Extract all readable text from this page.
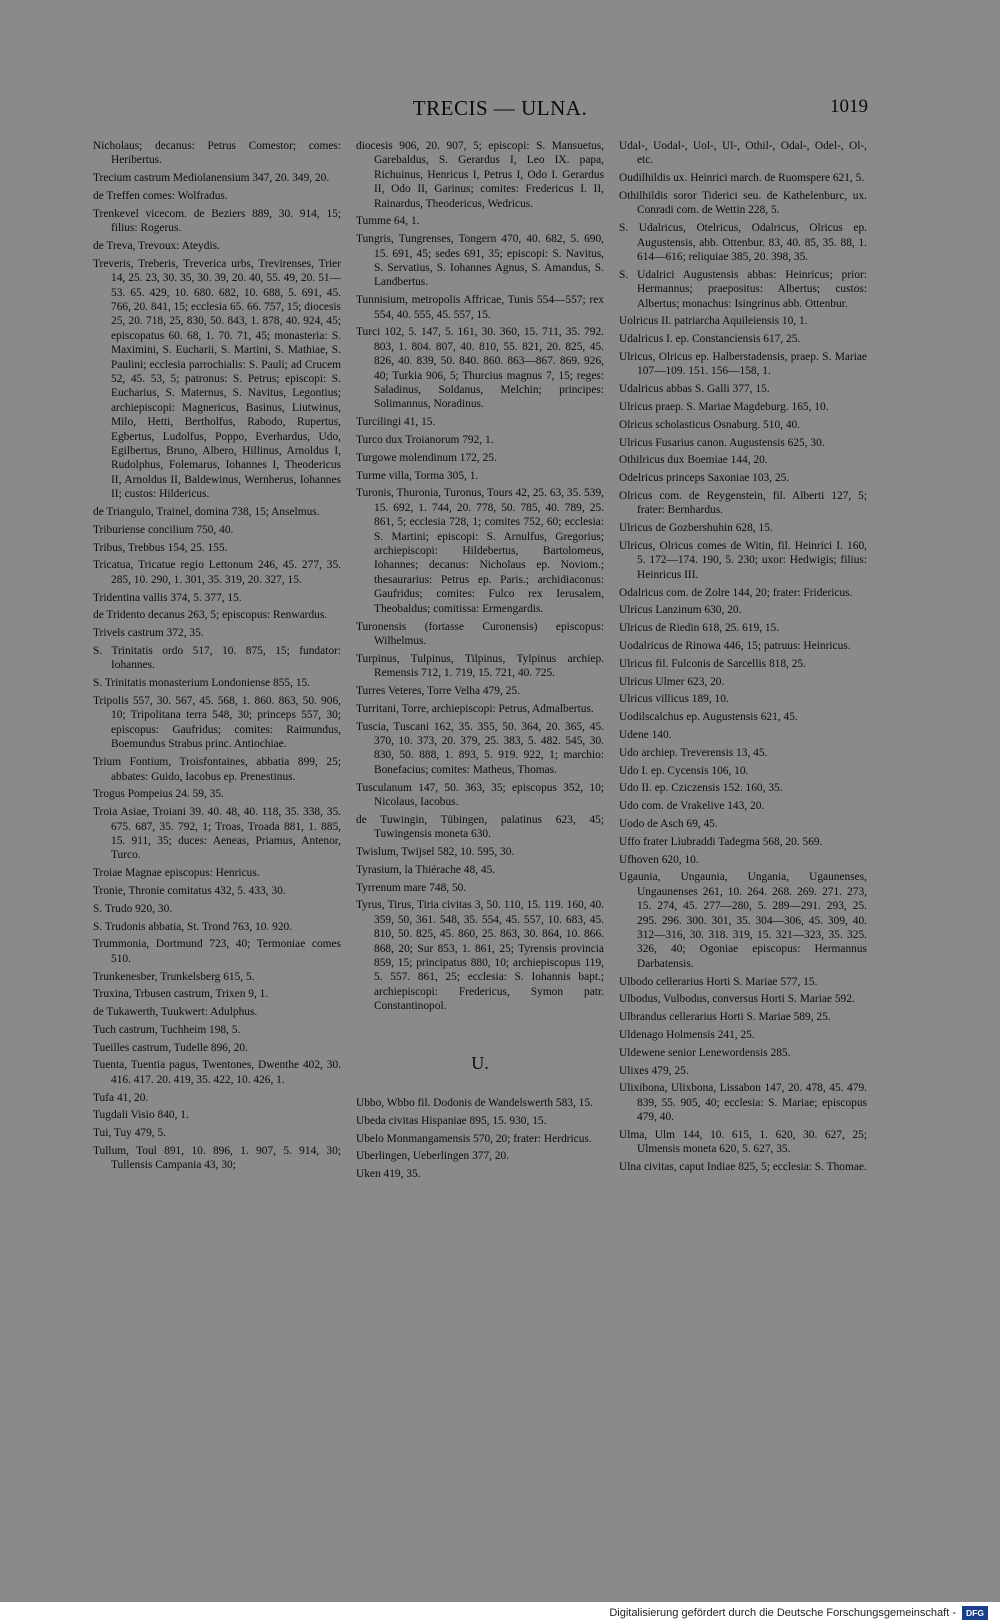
TRECIS — ULNA.	1019

Nicholaus; decanus: Petrus Comestor; comes: Heribertus.

Trecium castrum Mediolanensium 347, 20. 349, 20.

de Treffen comes: Wolfradus.

Trenkevel vicecom. de Beziers 889, 30. 914, 15; filius: Rogerus.

de Treva, Trevoux: Ateydis.

Treveris, Treberis, Treverica urbs, Trevirenses, Trier 14, 25. 23, 30. 35, 30. 39, 20. 40, 55. 49, 20. 51—53. 65. 429, 10. 680. 682, 10. 688, 5. 691, 45. 766, 20. 841, 15; ecclesia 65. 66. 757, 15; diocesis 25, 20. 718, 25, 830, 50. 843, 1. 878, 40. 924, 45; episcopatus 60. 68, 1. 70. 71, 45; monasteria: S. Maximini, S. Eucharii, S. Martini, S. Mathiae, S. Paulini; ecclesia parrochialis: S. Pauli; ad Crucem 52, 45. 53, 5; patronus: S. Petrus; episcopi: S. Eucharius, S. Maternus, S. Navitus, Legontius; archiepiscopi: Magnericus, Basinus, Liutwinus, Milo, Hetti, Bertholfus, Rabodo, Rupertus, Egbertus, Ludolfus, Poppo, Everhardus, Udo, Egilbertus, Bruno, Albero, Hillinus, Arnoldus I, Rudolphus, Folemarus, Iohannes I, Theodericus II, Arnoldus II, Baldewinus, Wernherus, Iohannes II; custos: Hildericus.

de Triangulo, Trainel, domina 738, 15; Anselmus.

Triburiense concilium 750, 40.

Tribus, Trebbus 154, 25. 155.

Tricatua, Tricatue regio Lettonum 246, 45. 277, 35. 285, 10. 290, 1. 301, 35. 319, 20. 327, 15.

Tridentina vallis 374, 5. 377, 15.

de Tridento decanus 263, 5; episcopus: Renwardus.

Trivels castrum 372, 35.

S. Trinitatis ordo 517, 10. 875, 15; fundator: Iohannes.

S. Trinitatis monasterium Londoniense 855, 15.

Tripolis 557, 30. 567, 45. 568, 1. 860. 863, 50. 906, 10; Tripolitana terra 548, 30; princeps 557, 30; episcopus: Gaufridus; comites: Raimundus, Boemundus Strabus princ. Antiochiae.

Trium Fontium, Troisfontaines, abbatia 899, 25; abbates: Guido, Iacobus ep. Prenestinus.

Trogus Pompeius 24. 59, 35.

Troia Asiae, Troiani 39. 40. 48, 40. 118, 35. 338, 35. 675. 687, 35. 792, 1; Troas, Troada 881, 1. 885, 15. 911, 35; duces: Aeneas, Priamus, Antenor, Turco.

Troiae Magnae episcopus: Henricus.

Tronie, Thronie comitatus 432, 5. 433, 30.

S. Trudo 920, 30.

S. Trudonis abbatia, St. Trond 763, 10. 920.

Trummonia, Dortmund 723, 40; Termoniae comes 510.

Trunkenesber, Trunkelsberg 615, 5.

Truxina, Trbusen castrum, Trixen 9, 1.

de Tukawerth, Tuukwert: Adulphus.

Tuch castrum, Tuchheim 198, 5.

Tueilles castrum, Tudelle 896, 20.

Tuenta, Tuentia pagus, Twentones, Dwenthe 402, 30. 416. 417. 20. 419, 35. 422, 10. 426, 1.

Tufa 41, 20.

Tugdali Visio 840, 1.

Tui, Tuy 479, 5.

Tullum, Toul 891, 10. 896, 1. 907, 5. 914, 30; Tullensis Campania 43, 30;

diocesis 906, 20. 907, 5; episcopi: S. Mansuetus, Garebaldus, S. Gerardus I, Leo IX. papa, Richuinus, Henricus I, Petrus I, Odo I. Gerardus II, Odo II, Garinus; comites: Fredericus I. II, Rainardus, Theodericus, Wedricus.

Tumme 64, 1.

Tungris, Tungrenses, Tongern 470, 40. 682, 5. 690, 15. 691, 45; sedes 691, 35; episcopi: S. Navitus, S. Servatius, S. Iohannes Agnus, S. Amandus, S. Landbertus.

Tunnisium, metropolis Affricae, Tunis 554—557; rex 554, 40. 555, 45. 557, 15.

Turci 102, 5. 147, 5. 161, 30. 360, 15. 711, 35. 792. 803, 1. 804. 807, 40. 810, 55. 821, 20. 825, 45. 826, 40. 839, 50. 840. 860. 863—867. 869. 926, 40; Turkia 906, 5; Thurcius magnus 7, 15; reges: Saladinus, Soldanus, Melchin; principes: Solimannus, Noradinus.

Turcilingi 41, 15.

Turco dux Troianorum 792, 1.

Turgowe molendinum 172, 25.

Turme villa, Torma 305, 1.

Turonis, Thuronia, Turonus, Tours 42, 25. 63, 35. 539, 15. 692, 1. 744, 20. 778, 50. 785, 40. 789, 25. 861, 5; ecclesia 728, 1; comites 752, 60; ecclesia: S. Martini; episcopi: S. Arnulfus, Gregorius; archiepiscopi: Hildebertus, Bartolomeus, Iohannes; decanus: Nicholaus ep. Noviom.; thesaurarius: Petrus ep. Paris.; archidiaconus: Gaufridus; comites: Fulco rex Ierusalem, Theobaldus; comitissa: Ermengardis.

Turonensis (fortasse Curonensis) episcopus: Wilhelmus.

Turpinus, Tulpinus, Tilpinus, Tylpinus archiep. Remensis 712, 1. 719, 15. 721, 40. 725.

Turres Veteres, Torre Velha 479, 25.

Turritani, Torre, archiepiscopi: Petrus, Admalbertus.

Tuscia, Tuscani 162, 35. 355, 50. 364, 20. 365, 45. 370, 10. 373, 20. 379, 25. 383, 5. 482. 545, 30. 830, 50. 888, 1. 893, 5. 919. 922, 1; marchio: Bonefacius; comites: Matheus, Thomas.

Tusculanum 147, 50. 363, 35; episcopus 352, 10; Nicolaus, Iacobus.

de Tuwingin, Tübingen, palatinus 623, 45; Tuwingensis moneta 630.

Twislum, Twijsel 582, 10. 595, 30.

Tyrasium, la Thiérache 48, 45.

Tyrrenum mare 748, 50.

Tyrus, Tirus, Tiria civitas 3, 50. 110, 15. 119. 160, 40. 359, 50, 361. 548, 35. 554, 45. 557, 10. 683, 45. 810, 50. 825, 45. 860, 25. 863, 30. 864, 10. 866. 868, 20; Sur 853, 1. 861, 25; Tyrensis provincia 859, 15; principatus 880, 10; archiepiscopus 119, 5. 557. 861, 25; ecclesia: S. Iohannis bapt.; archiepiscopi: Fredericus, Symon patr. Constantinopol.

U.

Ubbo, Wbbo fil. Dodonis de Wandelswerth 583, 15.

Ubeda civitas Hispaniae 895, 15. 930, 15.

Ubelo Monmangamensis 570, 20; frater: Herdricus.

Uberlingen, Ueberlingen 377, 20.

Uken 419, 35.

Udal-, Uodal-, Uol-, Ul-, Othil-, Odal-, Odel-, Ol-, etc.

Oudilhildis ux. Heinrici march. de Ruomspere 621, 5.

Othilhildis soror Tiderici seu. de Kathelenburc, ux. Conradi com. de Wettin 228, 5.

S. Udalricus, Otelricus, Odalricus, Olricus ep. Augustensis, abb. Ottenbur. 83, 40. 85, 35. 88, 1. 614—616; reliquiae 385, 20. 398, 35.

S. Udalrici Augustensis abbas: Heinricus; prior: Hermannus; praepositus: Albertus; custos: Albertus; monachus: Isingrinus abb. Ottenbur.

Uolricus II. patriarcha Aquileiensis 10, 1.

Udalricus I. ep. Constanciensis 617, 25.

Ulricus, Olricus ep. Halberstadensis, praep. S. Mariae 107—109. 151. 156—158, 1.

Udalricus abbas S. Galli 377, 15.

Ulricus praep. S. Mariae Magdeburg. 165, 10.

Olricus scholasticus Osnaburg. 510, 40.

Ulricus Fusarius canon. Augustensis 625, 30.

Othilricus dux Boemiae 144, 20.

Odelricus princeps Saxoniae 103, 25.

Olricus com. de Reygenstein, fil. Alberti 127, 5; frater: Bernhardus.

Ulricus de Gozbershuhin 628, 15.

Ulricus, Olricus comes de Witin, fil. Heinrici I. 160, 5. 172—174. 190, 5. 230; uxor: Hedwigis; filius: Heinricus III.

Odalricus com. de Zolre 144, 20; frater: Fridericus.

Ulricus Lanzinum 630, 20.

Ulricus de Riedin 618, 25. 619, 15.

Uodalricus de Rinowa 446, 15; patruus: Heinricus.

Ulricus fil. Fulconis de Sarcellis 818, 25.

Ulricus Ulmer 623, 20.

Ulricus villicus 189, 10.

Uodilscalchus ep. Augustensis 621, 45.

Udene 140.

Udo archiep. Treverensis 13, 45.

Udo I. ep. Cycensis 106, 10.

Udo II. ep. Cziczensis 152. 160, 35.

Udo com. de Vrakelive 143, 20.

Uodo de Asch 69, 45.

Uffo frater Liubraddi Tadegma 568, 20. 569.

Ufhoven 620, 10.

Ugaunia, Ungaunia, Ungania, Ugaunenses, Ungaunenses 261, 10. 264. 268. 269. 271. 273, 15. 274, 45. 277—280, 5. 289—291. 293, 25. 295. 296. 300. 301, 35. 304—306, 45. 309, 40. 312—316, 30. 318. 319, 15. 321—323, 35. 325. 326, 40; Ogoniae episcopus: Hermannus Darbatensis.

Ulbodo cellerarius Horti S. Mariae 577, 15.

Ulbodus, Vulbodus, conversus Horti S. Mariae 592.

Ulbrandus cellerarius Horti S. Mariae 589, 25.

Uldenago Holmensis 241, 25.

Uldewene senior Lenewordensis 285.

Ulixes 479, 25.

Ulixibona, Ulixbona, Lissabon 147, 20. 478, 45. 479. 839, 55. 905, 40; ecclesia: S. Mariae; episcopus 479, 40.

Ulma, Ulm 144, 10. 615, 1. 620, 30. 627, 25; Ulmensis moneta 620, 5. 627, 35.

Ulna civitas, caput Indiae 825, 5; ecclesia: S. Thomae.

Digitalisierung gefördert durch die Deutsche Forschungsgemeinschaft -	DFG
